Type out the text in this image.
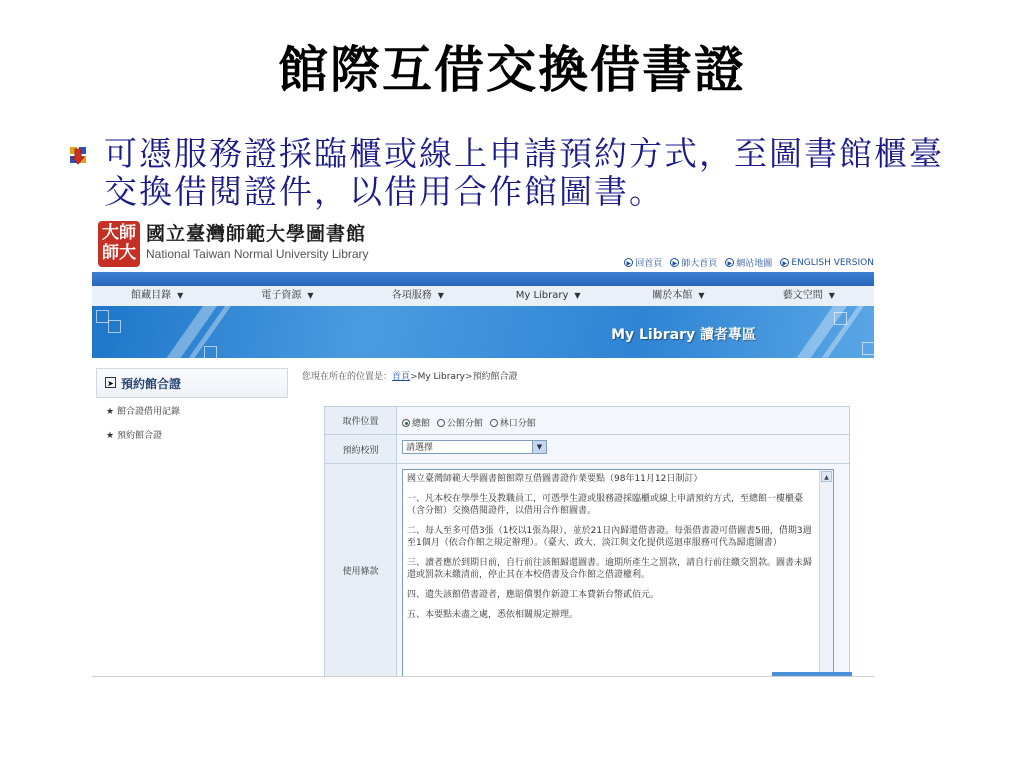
館際互借交換借書證
可憑服務證採臨櫃或線上申請預約方式，至圖書館櫃臺交換借閱證件，以借用合作館圖書。
大師
師大
國立臺灣師範大學圖書館
National Taiwan Normal University Library
▶ 回首頁	▶ 師大首頁	▶ 網站地圖	▶ ENGLISH VERSION
館藏目錄 ▼	電子資源 ▼	各項服務 ▼	My Library ▼	關於本館 ▼	藝文空間 ▼
My Library 讀者專區
➤ 預約館合證
★ 館合證借用記錄
★ 預約館合證
您現在所在的位置是：首頁>My Library>預約館合證
取件位置	總館 公館分館 林口分館
預約校別	請選擇	▼
使用條款

國立臺灣師範大學圖書館館際互借圖書證作業要點（98年11月12日制訂）

一、凡本校在學學生及教職員工，可憑學生證或服務證採臨櫃或線上申請預約方式，至總館一樓櫃臺（含分館）交換借閱證件，以借用合作館圖書。

二、每人至多可借3張（1校以1張為限），並於21日內歸還借書證。每張借書證可借圖書5冊，借期3週至1個月（依合作館之規定辦理）。（臺大、政大、淡江與文化提供巡迴車服務可代為歸還圖書）

三、讀者應於到期日前，自行前往該館歸還圖書。逾期所產生之罰款，請自行前往繳交罰款。圖書未歸還或罰款未繳清前，停止其在本校借書及合作館之借證權利。

四、遺失該館借書證者，應賠償製作新證工本費新台幣貳佰元。

五、本要點未盡之處，悉依相關規定辦理。

▲
